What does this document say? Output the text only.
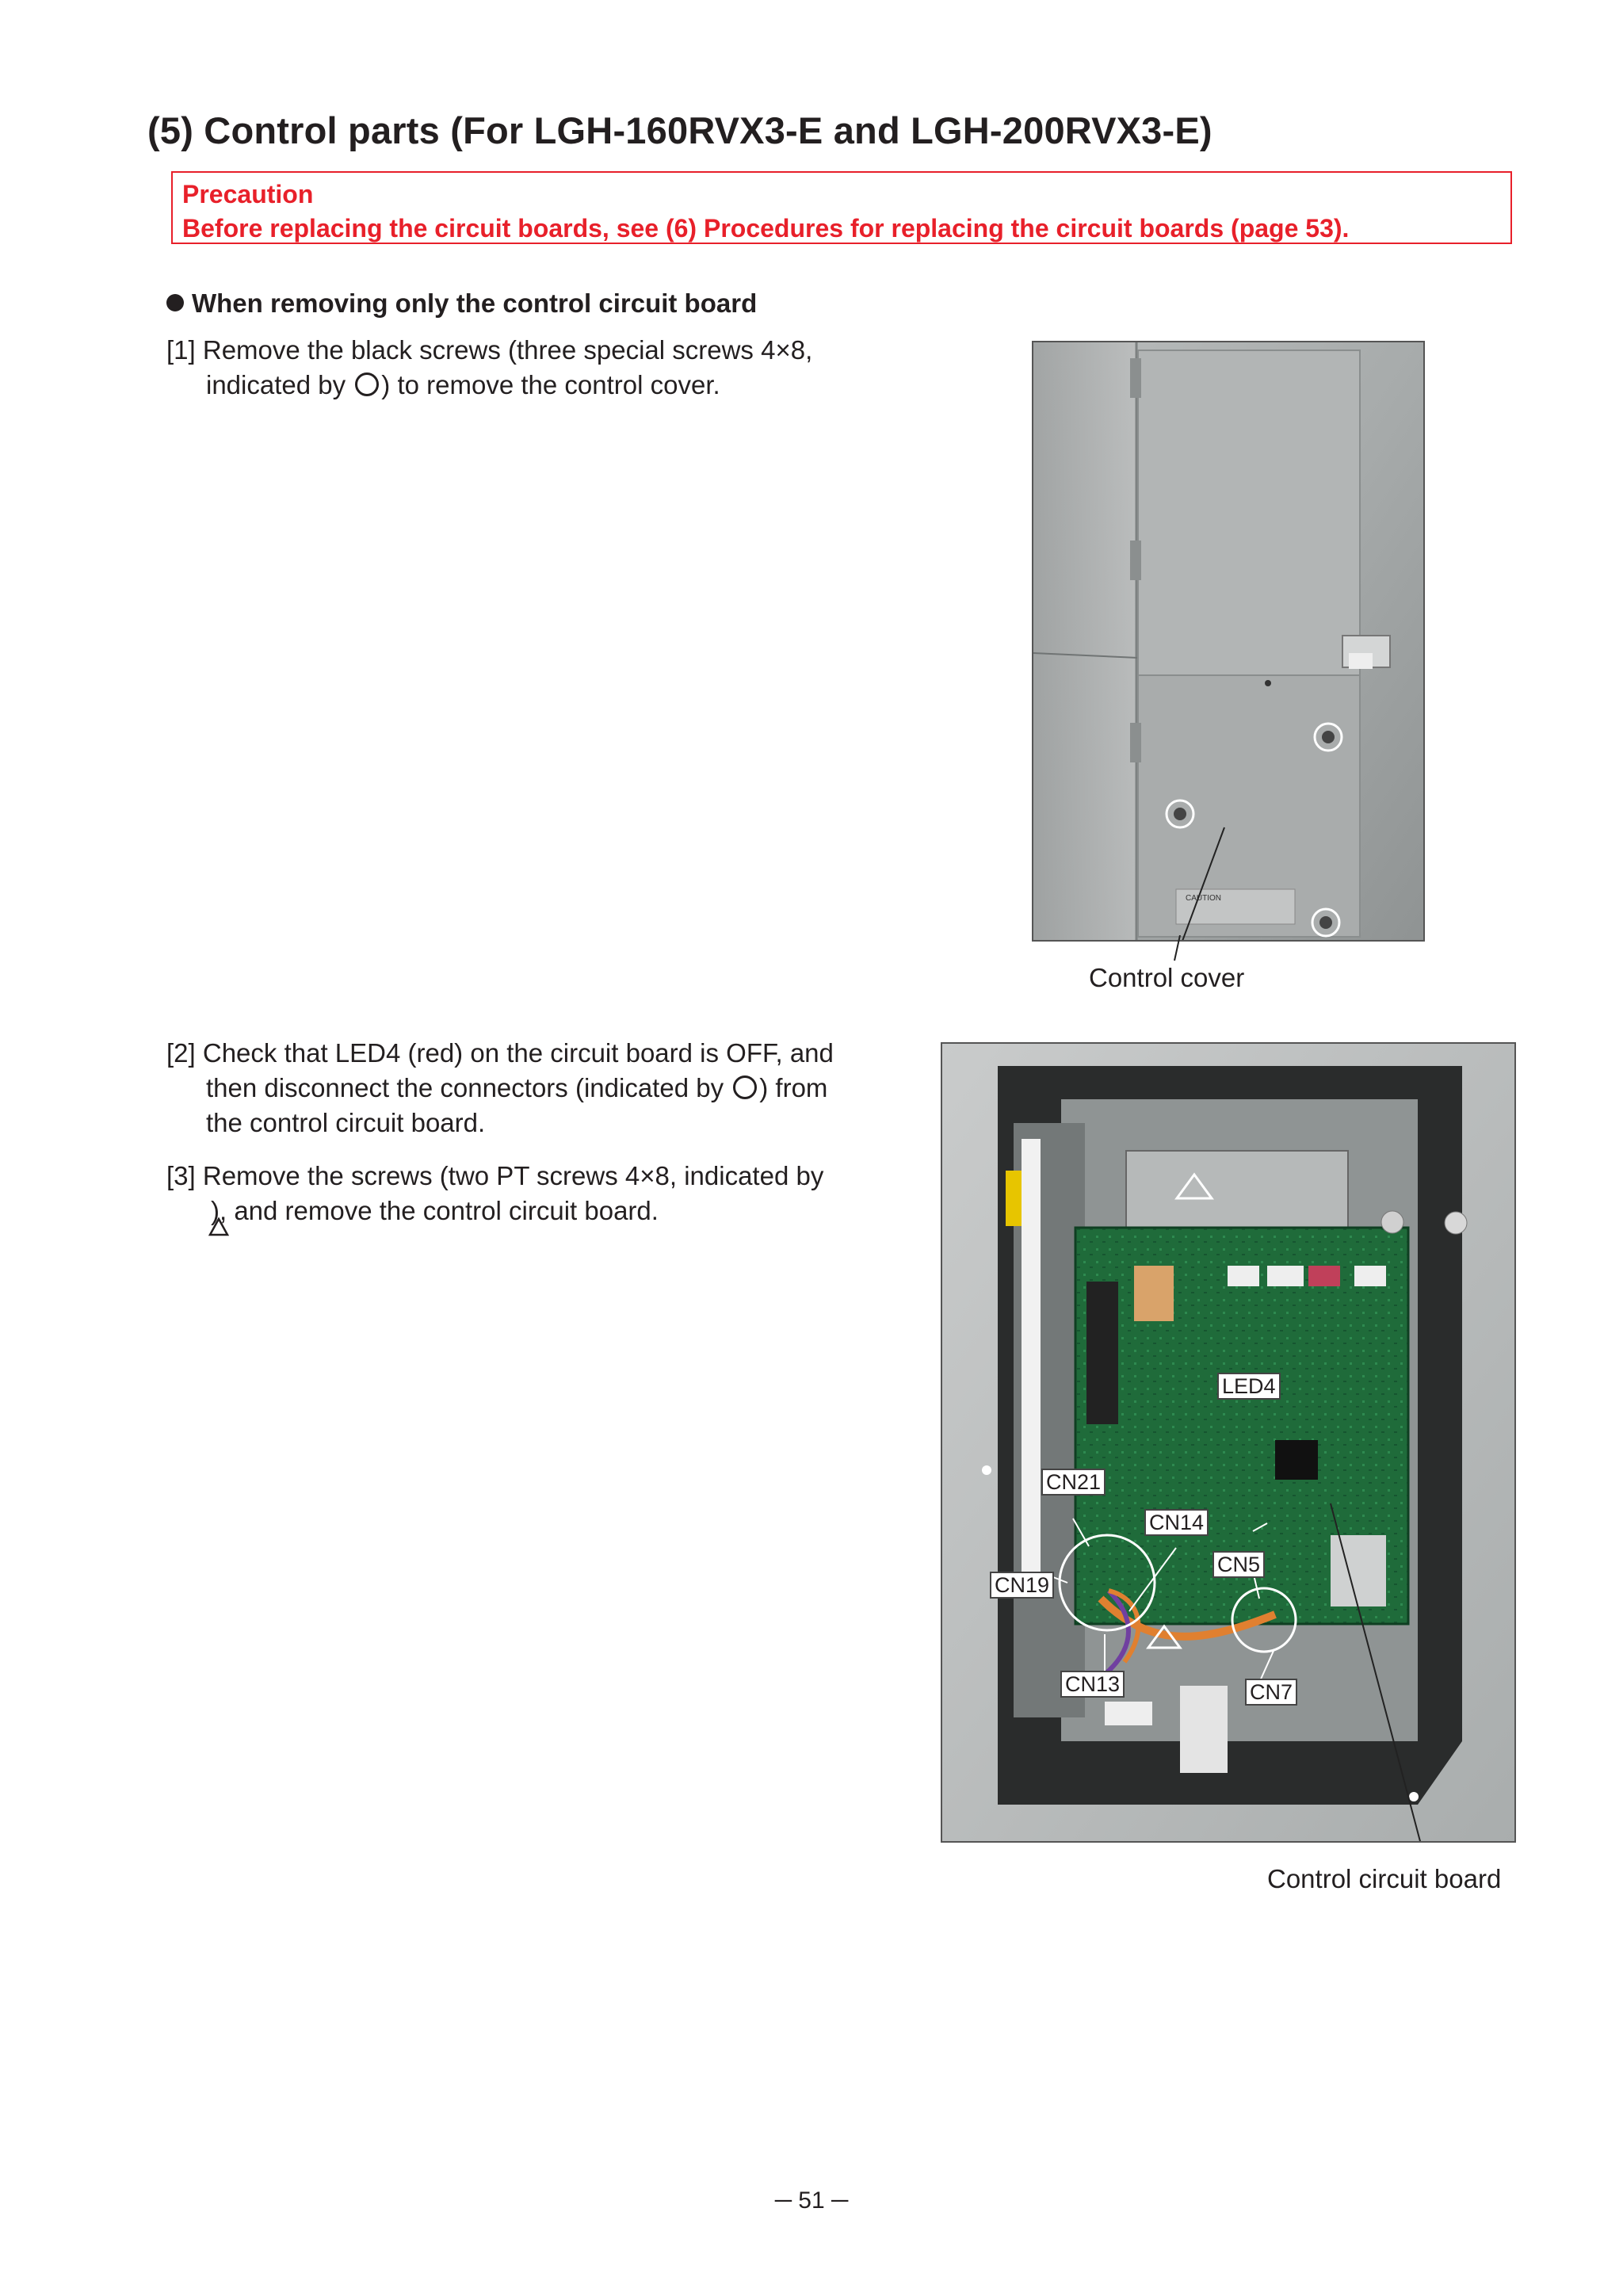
(5) Control parts (For LGH-160RVX3-E and LGH-200RVX3-E)
Precaution
Before replacing the circuit boards, see (6) Procedures for replacing the circuit boards (page 53).
When removing only the control circuit board
[1] Remove the black screws (three special screws 4×8,
indicated by ○ ) to remove the control cover.
CAUTION
Control cover
[2] Check that LED4 (red) on the circuit board is OFF, and
then disconnect the connectors (indicated by ○ ) from
the control circuit board.
[3] Remove the screws (two PT screws 4×8, indicated by
), and remove the control circuit board.
LED4
CN21
CN14
CN5
CN19
CN13	CN7
Control circuit board
─ 51 ─
